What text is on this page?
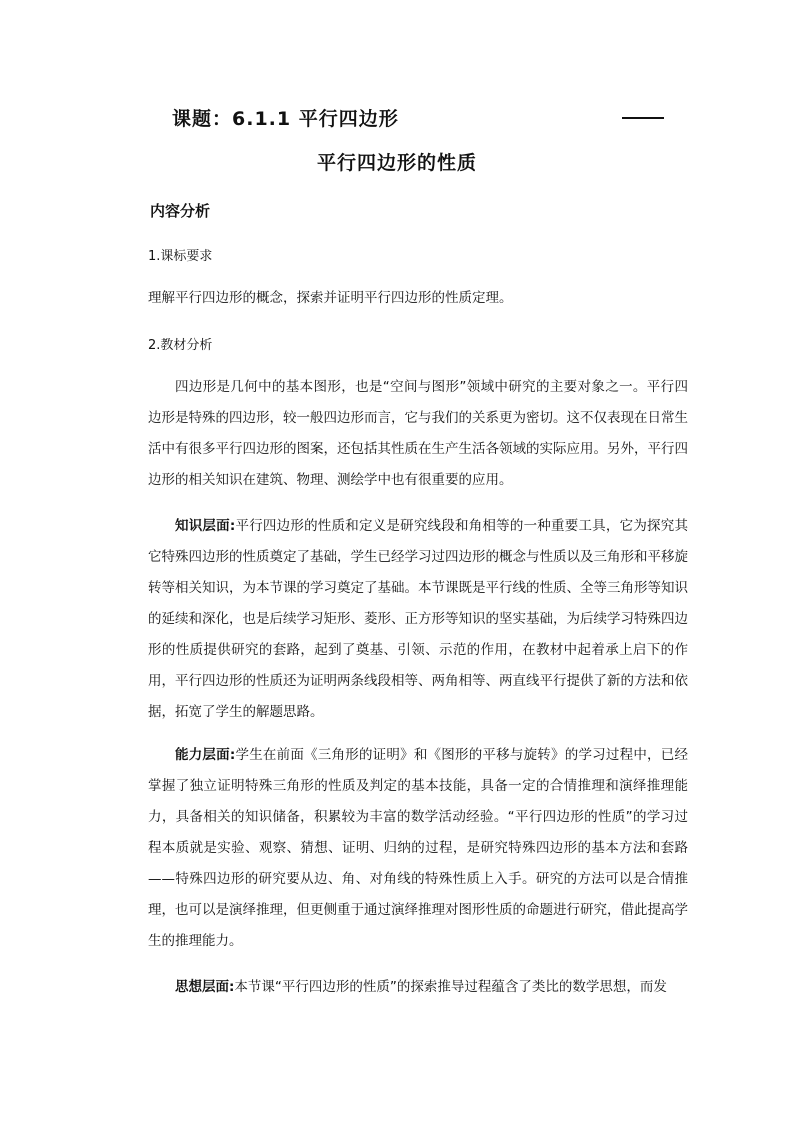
课题：6.1.1 平行四边形
平行四边形的性质
内容分析
1.课标要求

理解平行四边形的概念，探索并证明平行四边形的性质定理。

2.教材分析

四边形是几何中的基本图形，也是“空间与图形”领域中研究的主要对象之一。平行四边形是特殊的四边形，较一般四边形而言，它与我们的关系更为密切。这不仅表现在日常生活中有很多平行四边形的图案，还包括其性质在生产生活各领域的实际应用。另外，平行四边形的相关知识在建筑、物理、测绘学中也有很重要的应用。

知识层面:平行四边形的性质和定义是研究线段和角相等的一种重要工具，它为探究其它特殊四边形的性质奠定了基础，学生已经学习过四边形的概念与性质以及三角形和平移旋转等相关知识，为本节课的学习奠定了基础。本节课既是平行线的性质、全等三角形等知识的延续和深化，也是后续学习矩形、菱形、正方形等知识的坚实基础，为后续学习特殊四边形的性质提供研究的套路，起到了奠基、引领、示范的作用，在教材中起着承上启下的作用，平行四边形的性质还为证明两条线段相等、两角相等、两直线平行提供了新的方法和依据，拓宽了学生的解题思路。

能力层面:学生在前面《三角形的证明》和《图形的平移与旋转》的学习过程中，已经掌握了独立证明特殊三角形的性质及判定的基本技能，具备一定的合情推理和演绎推理能力，具备相关的知识储备，积累较为丰富的数学活动经验。“平行四边形的性质”的学习过程本质就是实验、观察、猜想、证明、归纳的过程，是研究特殊四边形的基本方法和套路——特殊四边形的研究要从边、角、对角线的特殊性质上入手。研究的方法可以是合情推理，也可以是演绎推理，但更侧重于通过演绎推理对图形性质的命题进行研究，借此提高学生的推理能力。

思想层面:本节课“平行四边形的性质”的探索推导过程蕴含了类比的数学思想，而发
